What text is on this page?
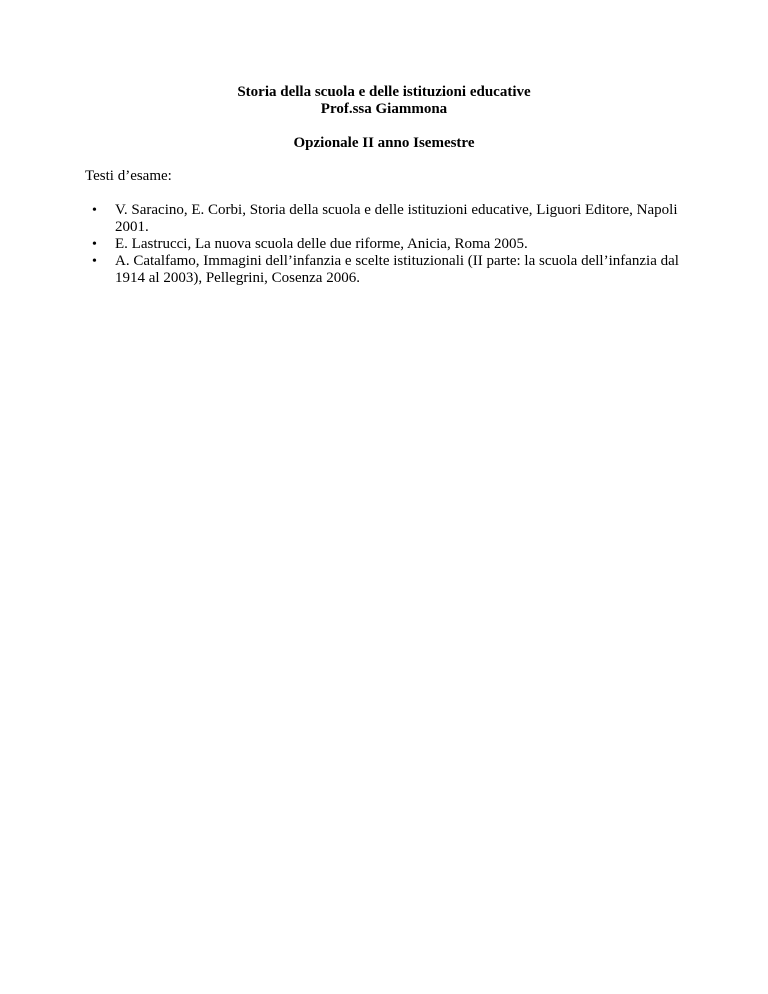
Storia della scuola e delle istituzioni educative
Prof.ssa Giammona
Opzionale II anno Isemestre
Testi d’esame:
• V. Saracino, E. Corbi, Storia della scuola e delle istituzioni educative, Liguori Editore, Napoli 2001.
• E. Lastrucci, La nuova scuola delle due riforme, Anicia, Roma 2005.
• A. Catalfamo, Immagini dell’infanzia e scelte istituzionali (II parte: la scuola dell’infanzia dal 1914 al 2003), Pellegrini, Cosenza 2006.
